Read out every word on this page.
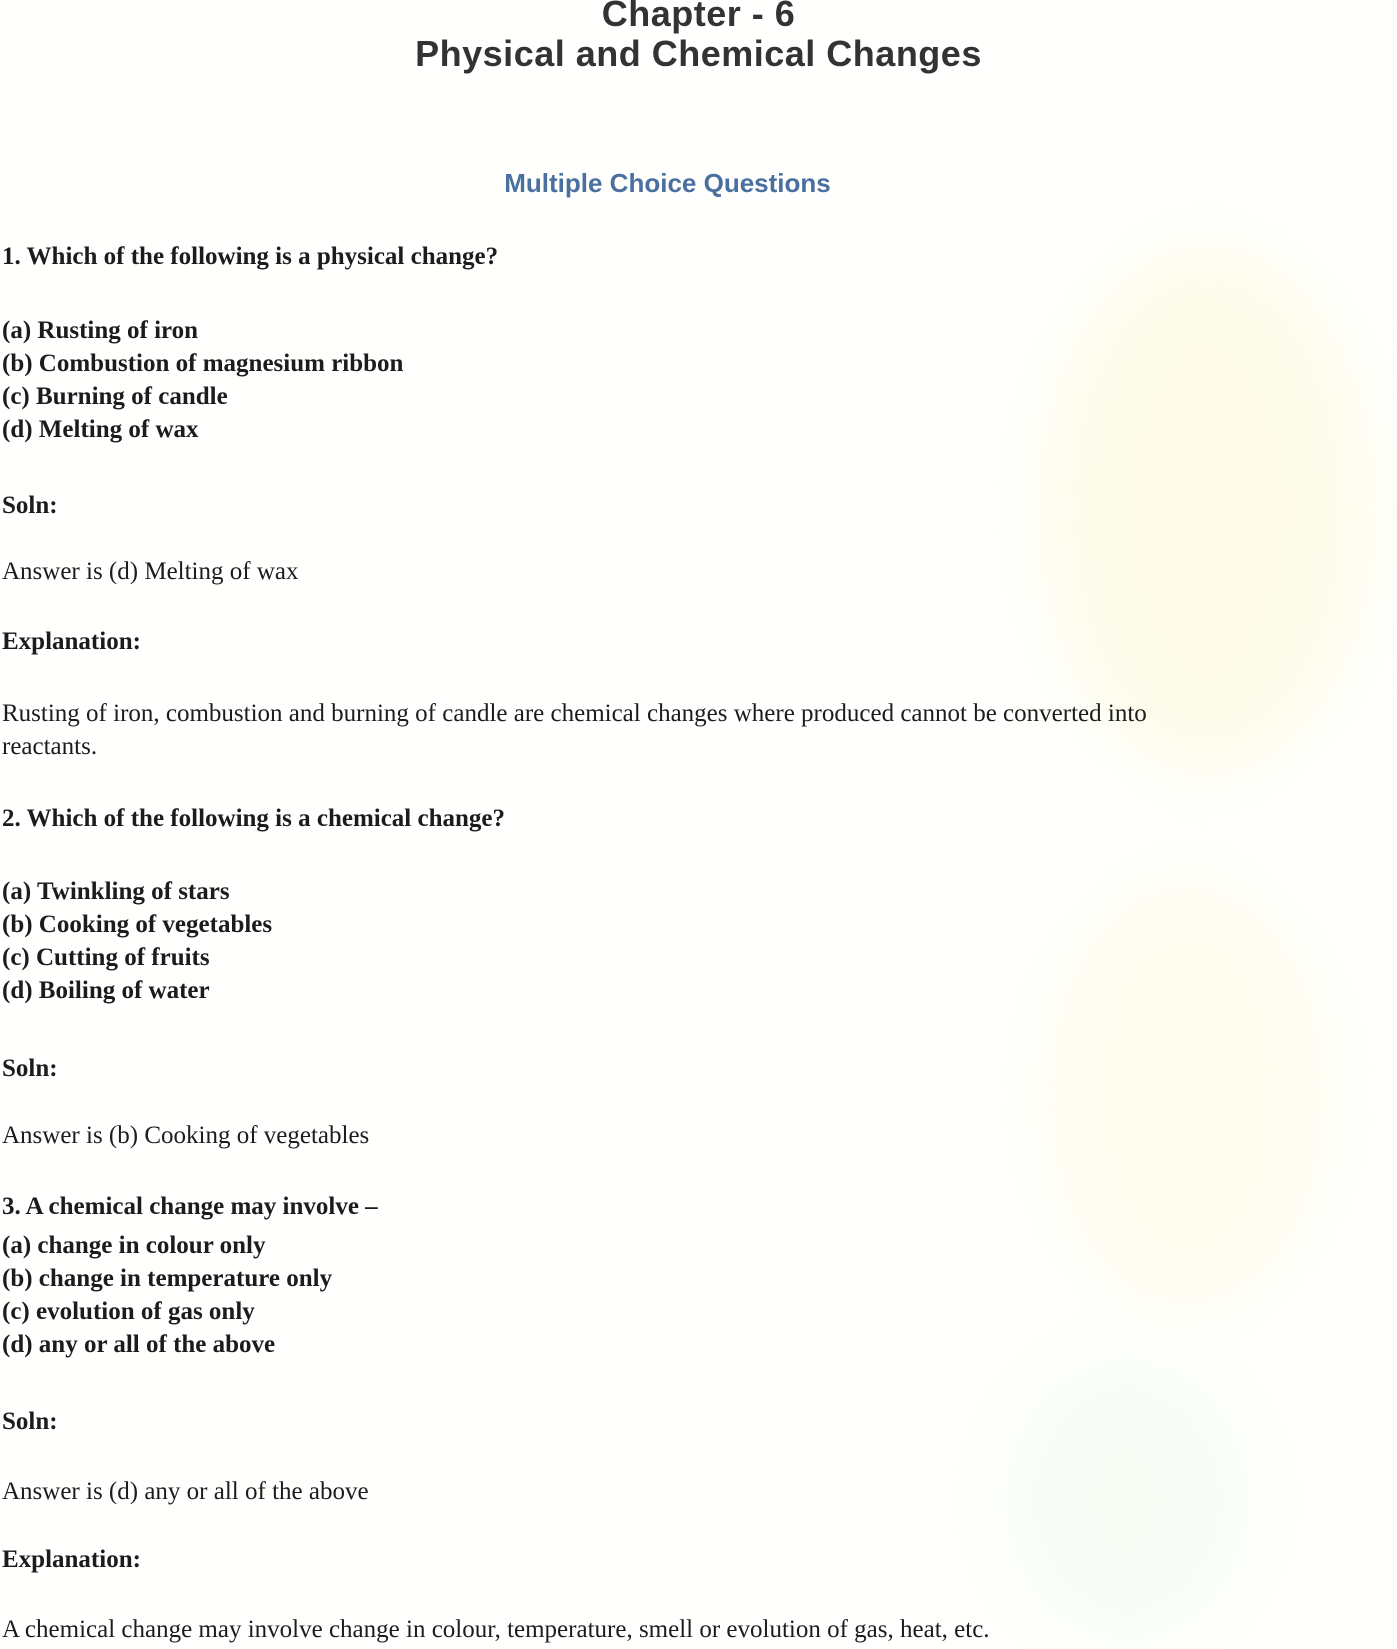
Chapter - 6
Physical and Chemical Changes
Multiple Choice Questions
1. Which of the following is a physical change?
(a) Rusting of iron
(b) Combustion of magnesium ribbon
(c) Burning of candle
(d) Melting of wax
Soln:
Answer is (d) Melting of wax
Explanation:
Rusting of iron, combustion and burning of candle are chemical changes where produced cannot be converted into
reactants.
2. Which of the following is a chemical change?
(a) Twinkling of stars
(b) Cooking of vegetables
(c) Cutting of fruits
(d) Boiling of water
Soln:
Answer is (b) Cooking of vegetables
3. A chemical change may involve –
(a) change in colour only
(b) change in temperature only
(c) evolution of gas only
(d) any or all of the above
Soln:
Answer is (d) any or all of the above
Explanation:
A chemical change may involve change in colour, temperature, smell or evolution of gas, heat, etc.
